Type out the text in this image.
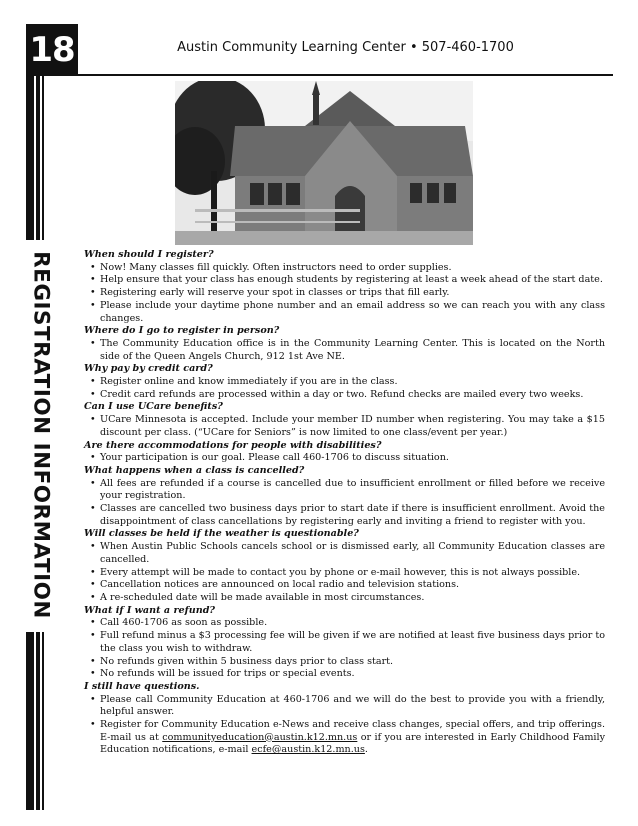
18	Austin Community Learning Center • 507-460-1700
REGISTRATION INFORMATION	When should I register?

• Now! Many classes fill quickly. Often instructors need to order supplies.

• Help ensure that your class has enough students by registering at least a week ahead of the start date.

• Registering early will reserve your spot in classes or trips that fill early.

• Please include your daytime phone number and an email address so we can reach you with any class changes.

Where do I go to register in person?

• The Community Education office is in the Community Learning Center. This is located on the North side of the Queen Angels Church, 912 1st Ave NE.

Why pay by credit card?

• Register online and know immediately if you are in the class.

• Credit card refunds are processed within a day or two. Refund checks are mailed every two weeks.

Can I use UCare benefits?

• UCare Minnesota is accepted. Include your member ID number when registering. You may take a $15 discount per class. (“UCare for Seniors” is now limited to one class/event per year.)

Are there accommodations for people with disabilities?

• Your participation is our goal. Please call 460-1706 to discuss situation.

What happens when a class is cancelled?

• All fees are refunded if a course is cancelled due to insufficient enrollment or filled before we receive your registration.

• Classes are cancelled two business days prior to start date if there is insufficient enrollment. Avoid the disappointment of class cancellations by registering early and inviting a friend to register with you.

Will classes be held if the weather is questionable?

• When Austin Public Schools cancels school or is dismissed early, all Community Education classes are cancelled.

• Every attempt will be made to contact you by phone or e-mail however, this is not always possible.

• Cancellation notices are announced on local radio and television stations.

• A re-scheduled date will be made available in most circumstances.

What if I want a refund?

• Call 460-1706 as soon as possible.

• Full refund minus a $3 processing fee will be given if we are notified at least five business days prior to the class you wish to withdraw.

• No refunds given within 5 business days prior to class start.

• No refunds will be issued for trips or special events.

I still have questions.

• Please call Community Education at 460-1706 and we will do the best to provide you with a friendly, helpful answer.

• Register for Community Education e-News and receive class changes, special offers, and trip offerings. E-mail us at communityeducation@austin.k12.mn.us or if you are interested in Early Childhood Family Education notifications, e-mail ecfe@austin.k12.mn.us.
